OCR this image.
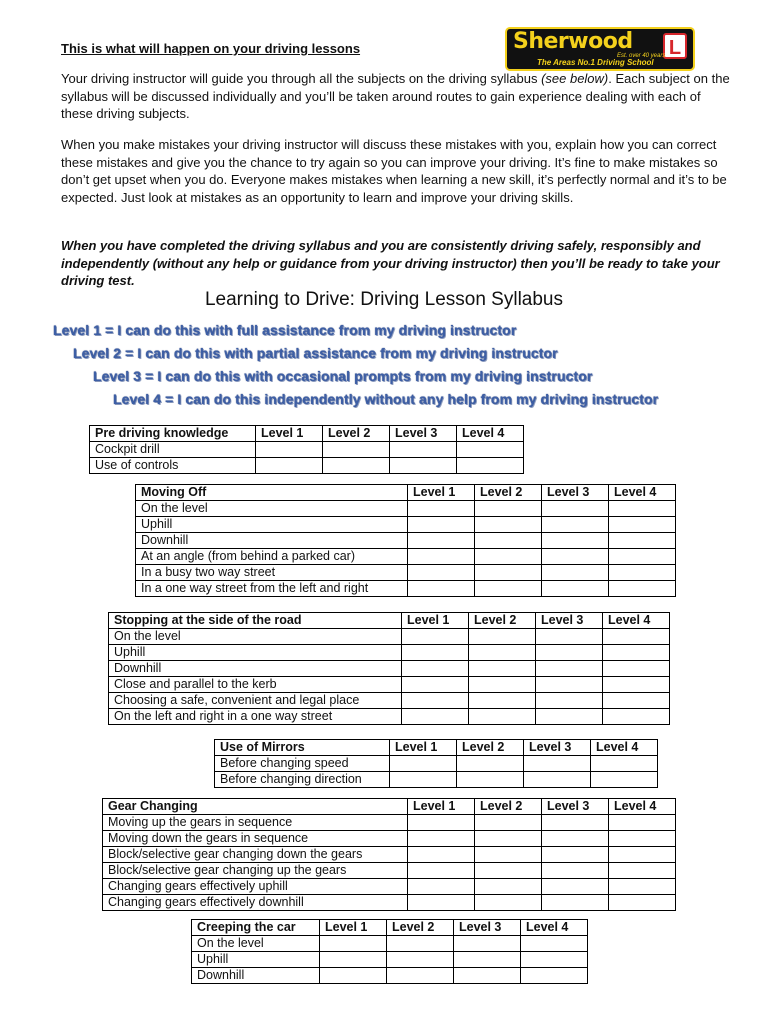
This is what will happen on your driving lessons	Sherwood L
Est. over 40 years
The Areas No.1 Driving School
Your driving instructor will guide you through all the subjects on the driving syllabus (see below). Each subject on the syllabus will be discussed individually and you’ll be taken around routes to gain experience dealing with each of these driving subjects.
When you make mistakes your driving instructor will discuss these mistakes with you, explain how you can correct these mistakes and give you the chance to try again so you can improve your driving. It’s fine to make mistakes so don’t get upset when you do. Everyone makes mistakes when learning a new skill, it’s perfectly normal and it’s to be expected. Just look at mistakes as an opportunity to learn and improve your driving skills.
When you have completed the driving syllabus and you are consistently driving safely, responsibly and independently (without any help or guidance from your driving instructor) then you’ll be ready to take your driving test.
Learning to Drive: Driving Lesson Syllabus
Level 1 = I can do this with full assistance from my driving instructor
Level 2 = I can do this with partial assistance from my driving instructor
Level 3 = I can do this with occasional prompts from my driving instructor
Level 4 = I can do this independently without any help from my driving instructor
Pre driving knowledge	Level 1	Level 2	Level 3	Level 4
Cockpit drill				
Use of controls				
Moving Off	Level 1	Level 2	Level 3	Level 4
On the level				
Uphill				
Downhill				
At an angle (from behind a parked car)				
In a busy two way street				
In a one way street from the left and right				
Stopping at the side of the road	Level 1	Level 2	Level 3	Level 4
On the level				
Uphill				
Downhill				
Close and parallel to the kerb				
Choosing a safe, convenient and legal place				
On the left and right in a one way street				
Use of Mirrors	Level 1	Level 2	Level 3	Level 4
Before changing speed				
Before changing direction				
Gear Changing	Level 1	Level 2	Level 3	Level 4
Moving up the gears in sequence				
Moving down the gears in sequence				
Block/selective gear changing down the gears				
Block/selective gear changing up the gears				
Changing gears effectively uphill				
Changing gears effectively downhill				
Creeping the car	Level 1	Level 2	Level 3	Level 4
On the level				
Uphill				
Downhill				
